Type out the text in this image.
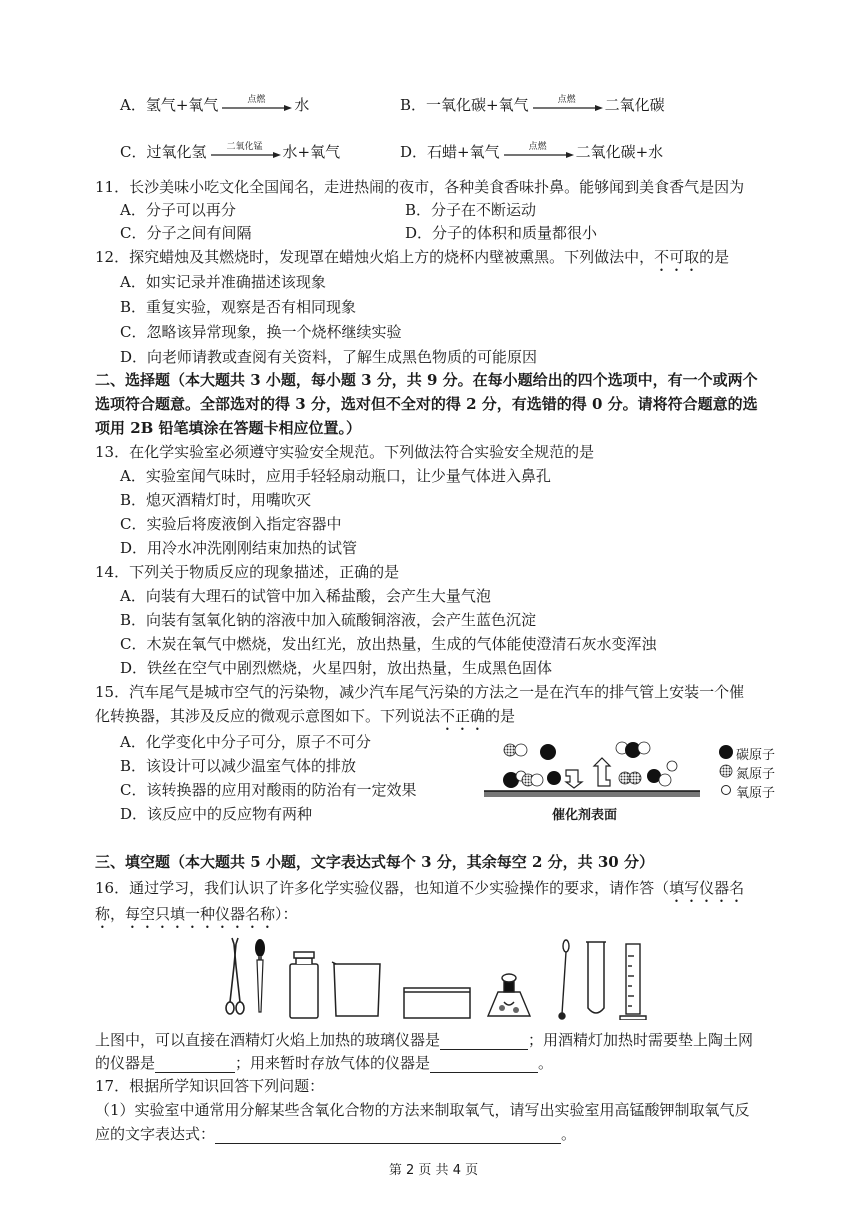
A．氢气+氧气	点燃	水	B．一氧化碳+氧气	点燃	二氧化碳
C．过氧化氢	二氧化锰	水+氧气	D．石蜡+氧气	点燃	二氧化碳+水
11．长沙美味小吃文化全国闻名，走进热闹的夜市，各种美食香味扑鼻。能够闻到美食香气是因为
A．分子可以再分	B．分子在不断运动
C．分子之间有间隔	D．分子的体积和质量都很小
12．探究蜡烛及其燃烧时，发现罩在蜡烛火焰上方的烧杯内壁被熏黑。下列做法中，不可取的是
A．如实记录并准确描述该现象
B．重复实验，观察是否有相同现象
C．忽略该异常现象，换一个烧杯继续实验
D．向老师请教或查阅有关资料，了解生成黑色物质的可能原因
二、选择题（本大题共 3 小题，每小题 3 分，共 9 分。在每小题给出的四个选项中，有一个或两个
选项符合题意。全部选对的得 3 分，选对但不全对的得 2 分，有选错的得 0 分。请将符合题意的选
项用 2B 铅笔填涂在答题卡相应位置。）
13．在化学实验室必须遵守实验安全规范。下列做法符合实验安全规范的是
A．实验室闻气味时，应用手轻轻扇动瓶口，让少量气体进入鼻孔
B．熄灭酒精灯时，用嘴吹灭
C．实验后将废液倒入指定容器中
D．用冷水冲洗刚刚结束加热的试管
14．下列关于物质反应的现象描述，正确的是
A．向装有大理石的试管中加入稀盐酸，会产生大量气泡
B．向装有氢氧化钠的溶液中加入硫酸铜溶液，会产生蓝色沉淀
C．木炭在氧气中燃烧，发出红光，放出热量，生成的气体能使澄清石灰水变浑浊
D．铁丝在空气中剧烈燃烧，火星四射，放出热量，生成黑色固体
15．汽车尾气是城市空气的污染物，减少汽车尾气污染的方法之一是在汽车的排气管上安装一个催
化转换器，其涉及反应的微观示意图如下。下列说法不正确的是
A．化学变化中分子可分，原子不可分
B．该设计可以减少温室气体的排放
C．该转换器的应用对酸雨的防治有一定效果
D．该反应中的反应物有两种	催化剂表面
碳原子
氮原子
氧原子
三、填空题（本大题共 5 小题，文字表达式每个 3 分，其余每空 2 分，共 30 分）
16．通过学习，我们认识了许多化学实验仪器，也知道不少实验操作的要求，请作答（填写仪器名
称，每空只填一种仪器名称）：
上图中，可以直接在酒精灯火焰上加热的玻璃仪器是	；用酒精灯加热时需要垫上陶土网
的仪器是	；用来暂时存放气体的仪器是	。
17．根据所学知识回答下列问题：
（1）实验室中通常用分解某些含氧化合物的方法来制取氧气，请写出实验室用高锰酸钾制取氧气反
应的文字表达式：	。
第 2 页 共 4 页
